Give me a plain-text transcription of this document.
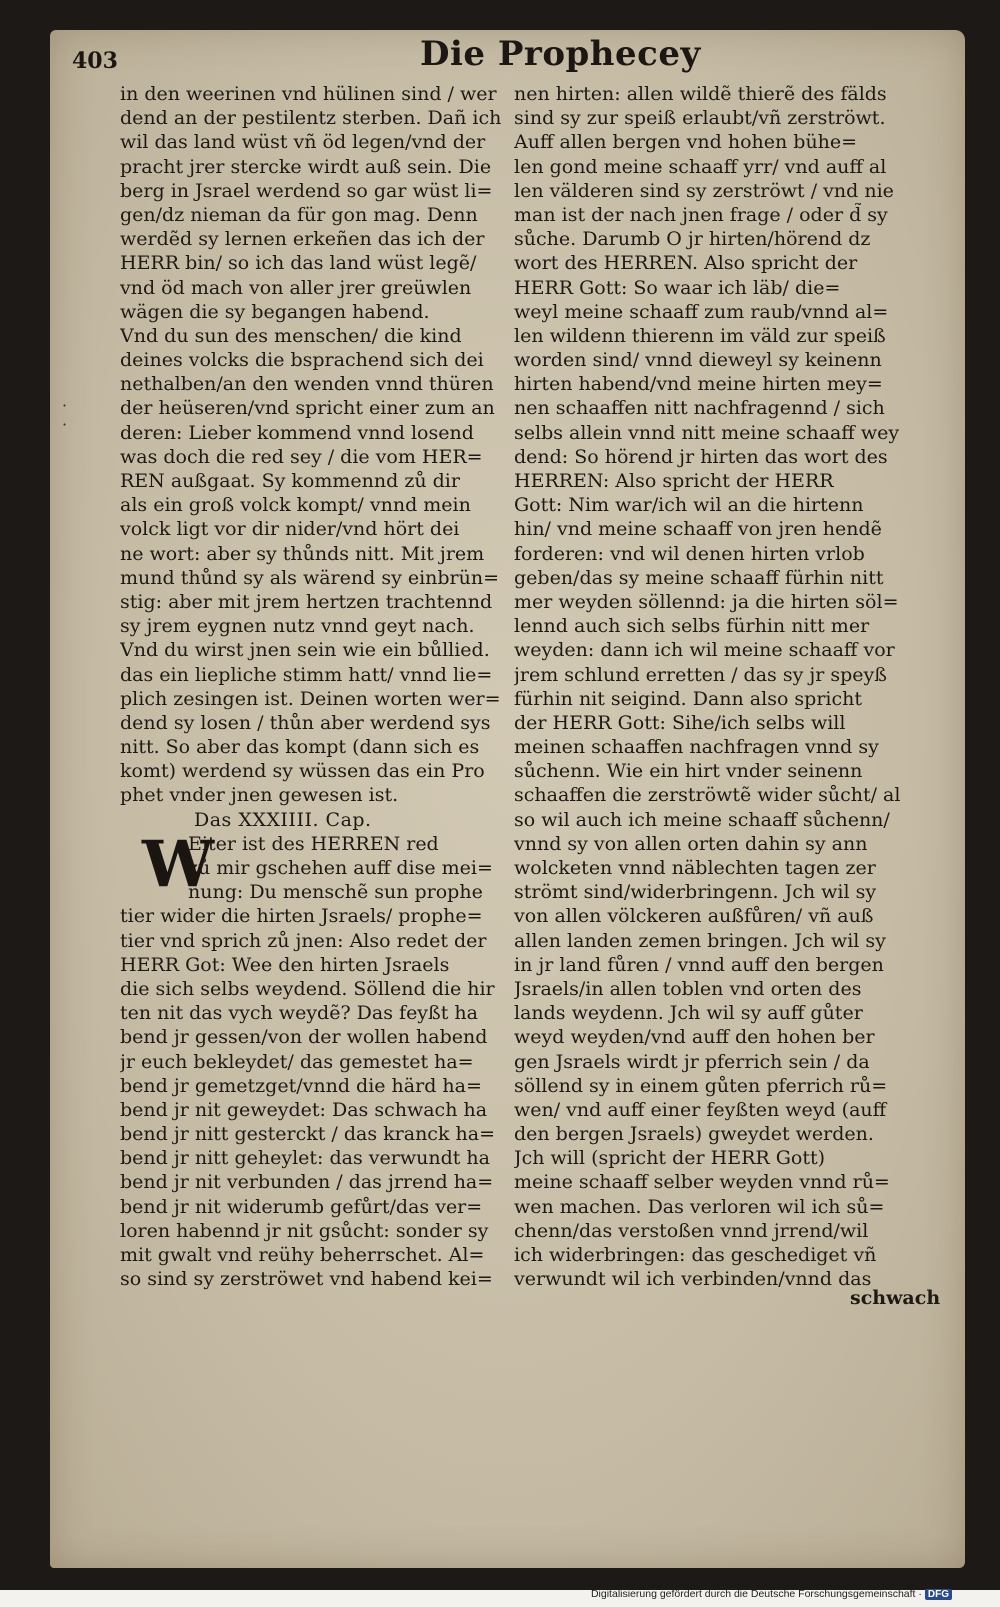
403	Die Prophecey
·
·
in den weerinen vnd hülinen sind / wer
dend an der pestilentz sterben. Dañ ich
wil das land wüst vñ öd legen/vnd der
pracht jrer stercke wirdt auß sein. Die
berg in Jsrael werdend so gar wüst li=
gen/dz nieman da für gon mag. Denn
werdẽd sy lernen erkeñen das ich der
HERR bin/ so ich das land wüst legẽ/
vnd öd mach von aller jrer greüwlen
wägen die sy begangen habend.
Vnd du sun des menschen/ die kind
deines volcks die bsprachend sich dei
nethalben/an den wenden vnnd thüren
der heüseren/vnd spricht einer zum an
deren: Lieber kommend vnnd losend
was doch die red sey / die vom HER=
REN außgaat. Sy kommennd zů dir
als ein groß volck kompt/ vnnd mein
volck ligt vor dir nider/vnd hört dei
ne wort: aber sy thůnds nitt. Mit jrem
mund thůnd sy als wärend sy einbrün=
stig: aber mit jrem hertzen trachtennd
sy jrem eygnen nutz vnnd geyt nach.
Vnd du wirst jnen sein wie ein bůllied.
das ein liepliche stimm hatt/ vnnd lie=
plich zesingen ist. Deinen worten wer=
dend sy losen / thůn aber werdend sys
nitt. So aber das kompt (dann sich es
komt) werdend sy wüssen das ein Pro
phet vnder jnen gewesen ist.
Das XXXIIII. Cap.
W
Eiter ist des HERREN red
zů mir gschehen auff dise mei=
nung: Du menschẽ sun prophe
tier wider die hirten Jsraels/ prophe=
tier vnd sprich zů jnen: Also redet der
HERR Got: Wee den hirten Jsraels
die sich selbs weydend. Söllend die hir
ten nit das vych weydẽ? Das feyßt ha
bend jr gessen/von der wollen habend
jr euch bekleydet/ das gemestet ha=
bend jr gemetzget/vnnd die härd ha=
bend jr nit geweydet: Das schwach ha
bend jr nitt gesterckt / das kranck ha=
bend jr nitt geheylet: das verwundt ha
bend jr nit verbunden / das jrrend ha=
bend jr nit widerumb gefůrt/das ver=
loren habennd jr nit gsůcht: sonder sy
mit gwalt vnd reühy beherrschet. Al=
so sind sy zerströwet vnd habend kei=
nen hirten: allen wildẽ thierẽ des fälds
sind sy zur speiß erlaubt/vñ zerströwt.
Auff allen bergen vnd hohen bühe=
len gond meine schaaff yrr/ vnd auff al
len välderen sind sy zerströwt / vnd nie
man ist der nach jnen frage / oder d̃ sy
sůche. Darumb O jr hirten/hörend dz
wort des HERREN. Also spricht der
HERR Gott: So waar ich läb/ die=
weyl meine schaaff zum raub/vnnd al=
len wildenn thierenn im väld zur speiß
worden sind/ vnnd dieweyl sy keinenn
hirten habend/vnd meine hirten mey=
nen schaaffen nitt nachfragennd / sich
selbs allein vnnd nitt meine schaaff wey
dend: So hörend jr hirten das wort des
HERREN: Also spricht der HERR
Gott: Nim war/ich wil an die hirtenn
hin/ vnd meine schaaff von jren hendẽ
forderen: vnd wil denen hirten vrlob
geben/das sy meine schaaff fürhin nitt
mer weyden söllennd: ja die hirten söl=
lennd auch sich selbs fürhin nitt mer
weyden: dann ich wil meine schaaff vor
jrem schlund erretten / das sy jr speyß
fürhin nit seigind. Dann also spricht
der HERR Gott: Sihe/ich selbs will
meinen schaaffen nachfragen vnnd sy
sůchenn. Wie ein hirt vnder seinenn
schaaffen die zerströwtẽ wider sůcht/ al
so wil auch ich meine schaaff sůchenn/
vnnd sy von allen orten dahin sy ann
wolcketen vnnd näblechten tagen zer
strömt sind/widerbringenn. Jch wil sy
von allen völckeren außfůren/ vñ auß
allen landen zemen bringen. Jch wil sy
in jr land fůren / vnnd auff den bergen
Jsraels/in allen toblen vnd orten des
lands weydenn. Jch wil sy auff gůter
weyd weyden/vnd auff den hohen ber
gen Jsraels wirdt jr pferrich sein / da
söllend sy in einem gůten pferrich rů=
wen/ vnd auff einer feyßten weyd (auff
den bergen Jsraels) gweydet werden.
Jch will (spricht der HERR Gott)
meine schaaff selber weyden vnnd rů=
wen machen. Das verloren wil ich sů=
chenn/das verstoßen vnnd jrrend/wil
ich widerbringen: das geschediget vñ
verwundt wil ich verbinden/vnnd das
schwach
Digitalisierung gefördert durch die Deutsche Forschungsgemeinschaft · DFG
